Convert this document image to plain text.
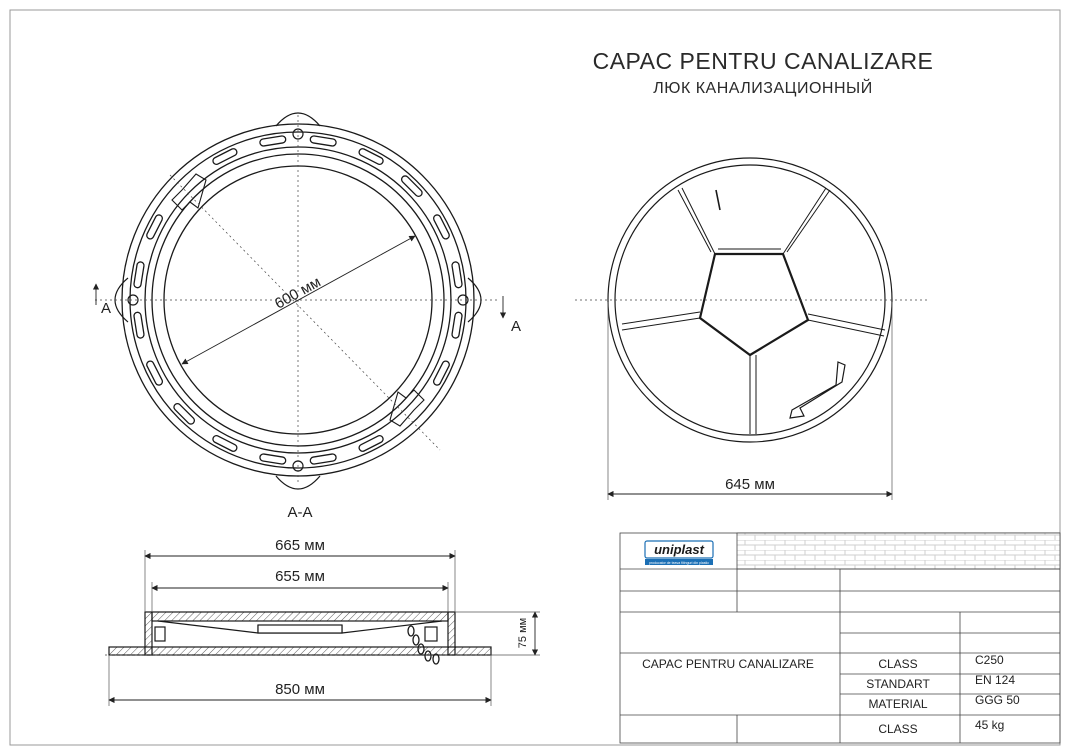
CAPAC PENTRU CANALIZARE
ЛЮК КАНАЛИЗАЦИОННЫЙ
600 мм
A
A
645 мм
A-A
665 мм
655 мм
850 мм
75 мм
uniplast
producator de teava fitinguri din plastic
CAPAC PENTRU CANALIZARE	CLASS	C250
STANDART	EN 124
MATERIAL	GGG 50
CLASS	45 kg
